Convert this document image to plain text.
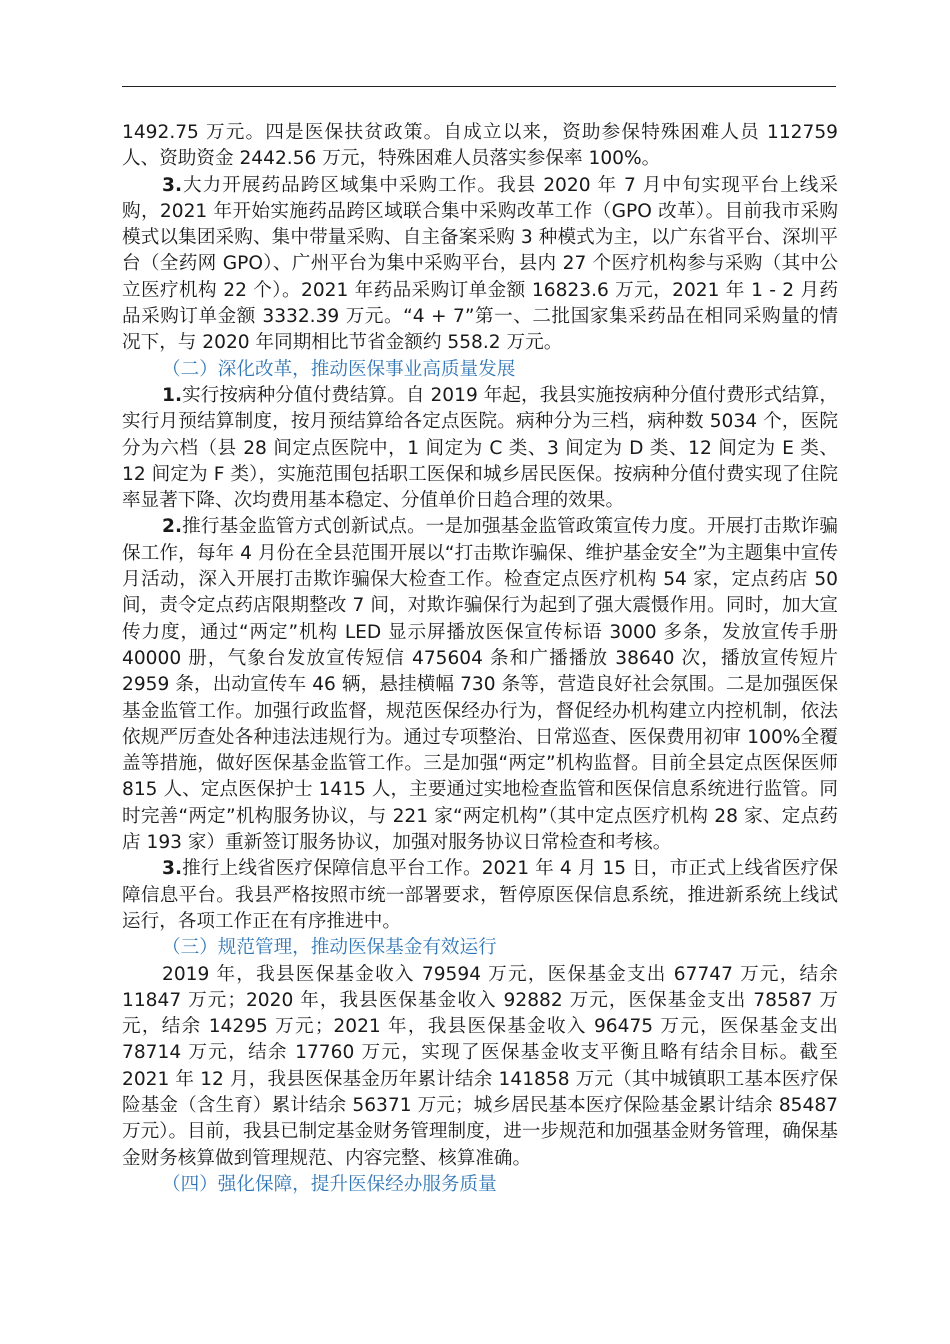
1492.75 万元。四是医保扶贫政策。自成立以来，资助参保特殊困难人员 112759 人、资助资金 2442.56 万元，特殊困难人员落实参保率 100%。

3.大力开展药品跨区域集中采购工作。我县 2020 年 7 月中旬实现平台上线采购，2021 年开始实施药品跨区域联合集中采购改革工作（GPO 改革）。目前我市采购模式以集团采购、集中带量采购、自主备案采购 3 种模式为主，以广东省平台、深圳平台（全药网 GPO）、广州平台为集中采购平台，县内 27 个医疗机构参与采购（其中公立医疗机构 22 个）。2021 年药品采购订单金额 16823.6 万元，2021 年 1 - 2 月药品采购订单金额 3332.39 万元。“4 + 7”第一、二批国家集采药品在相同采购量的情况下，与 2020 年同期相比节省金额约 558.2 万元。

（二）深化改革，推动医保事业高质量发展

1.实行按病种分值付费结算。自 2019 年起，我县实施按病种分值付费形式结算，实行月预结算制度，按月预结算给各定点医院。病种分为三档，病种数 5034 个，医院分为六档（县 28 间定点医院中，1 间定为 C 类、3 间定为 D 类、12 间定为 E 类、12 间定为 F 类），实施范围包括职工医保和城乡居民医保。按病种分值付费实现了住院率显著下降、次均费用基本稳定、分值单价日趋合理的效果。

2.推行基金监管方式创新试点。一是加强基金监管政策宣传力度。开展打击欺诈骗保工作，每年 4 月份在全县范围开展以“打击欺诈骗保、维护基金安全”为主题集中宣传月活动，深入开展打击欺诈骗保大检查工作。检查定点医疗机构 54 家，定点药店 50 间，责令定点药店限期整改 7 间，对欺诈骗保行为起到了强大震慑作用。同时，加大宣传力度，通过“两定”机构 LED 显示屏播放医保宣传标语 3000 多条，发放宣传手册 40000 册，气象台发放宣传短信 475604 条和广播播放 38640 次，播放宣传短片 2959 条，出动宣传车 46 辆，悬挂横幅 730 条等，营造良好社会氛围。二是加强医保基金监管工作。加强行政监督，规范医保经办行为，督促经办机构建立内控机制，依法依规严厉查处各种违法违规行为。通过专项整治、日常巡查、医保费用初审 100%全覆盖等措施，做好医保基金监管工作。三是加强“两定”机构监督。目前全县定点医保医师 815 人、定点医保护士 1415 人，主要通过实地检查监管和医保信息系统进行监管。同时完善“两定”机构服务协议，与 221 家“两定机构”（其中定点医疗机构 28 家、定点药店 193 家）重新签订服务协议，加强对服务协议日常检查和考核。

3.推行上线省医疗保障信息平台工作。2021 年 4 月 15 日，市正式上线省医疗保障信息平台。我县严格按照市统一部署要求，暂停原医保信息系统，推进新系统上线试运行，各项工作正在有序推进中。

（三）规范管理，推动医保基金有效运行

2019 年，我县医保基金收入 79594 万元，医保基金支出 67747 万元，结余 11847 万元；2020 年，我县医保基金收入 92882 万元，医保基金支出 78587 万元，结余 14295 万元；2021 年，我县医保基金收入 96475 万元，医保基金支出 78714 万元，结余 17760 万元，实现了医保基金收支平衡且略有结余目标。截至 2021 年 12 月，我县医保基金历年累计结余 141858 万元（其中城镇职工基本医疗保险基金（含生育）累计结余 56371 万元；城乡居民基本医疗保险基金累计结余 85487 万元）。目前，我县已制定基金财务管理制度，进一步规范和加强基金财务管理，确保基金财务核算做到管理规范、内容完整、核算准确。

（四）强化保障，提升医保经办服务质量
